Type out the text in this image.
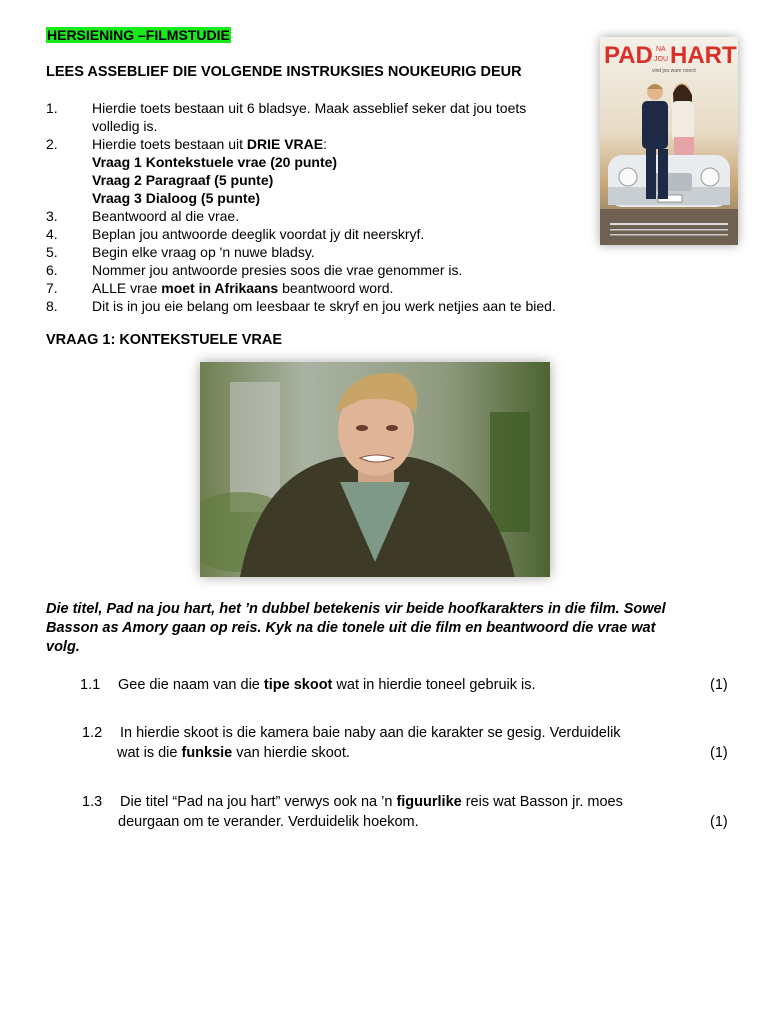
HERSIENING –FILMSTUDIE
LEES ASSEBLIEF DIE VOLGENDE INSTRUKSIES NOUKEURIG DEUR
1.	Hierdie toets bestaan uit 6 bladsye. Maak asseblief seker dat jou toets
volledig is.
2.	Hierdie toets bestaan uit DRIE VRAE:
Vraag 1 Kontekstuele vrae (20 punte)
Vraag 2 Paragraaf (5 punte)
Vraag 3 Dialoog (5 punte)
3.	Beantwoord al die vrae.
4.	Beplan jou antwoorde deeglik voordat jy dit neerskryf.
5.	Begin elke vraag op 'n nuwe bladsy.
6.	Nommer jou antwoorde presies soos die vrae genommer is.
7.	ALLE vrae moet in Afrikaans beantwoord word.
8.	Dit is in jou eie belang om leesbaar te skryf en jou werk netjies aan te bied.
PAD NA
JOU HART
vind jou ware noord
VRAAG 1: KONTEKSTUELE VRAE
Die titel, Pad na jou hart, het ’n dubbel betekenis vir beide hoofkarakters in die film. Sowel
Basson as Amory gaan op reis. Kyk na die tonele uit die film en beantwoord die vrae wat
volg.
1.1 Gee die naam van die tipe skoot wat in hierdie toneel gebruik is.	(1)
1.2 In hierdie skoot is die kamera baie naby aan die karakter se gesig. Verduidelik
wat is die funksie van hierdie skoot.	(1)
1.3 Die titel “Pad na jou hart” verwys ook na ’n figuurlike reis wat Basson jr. moes
deurgaan om te verander. Verduidelik hoekom.	(1)
